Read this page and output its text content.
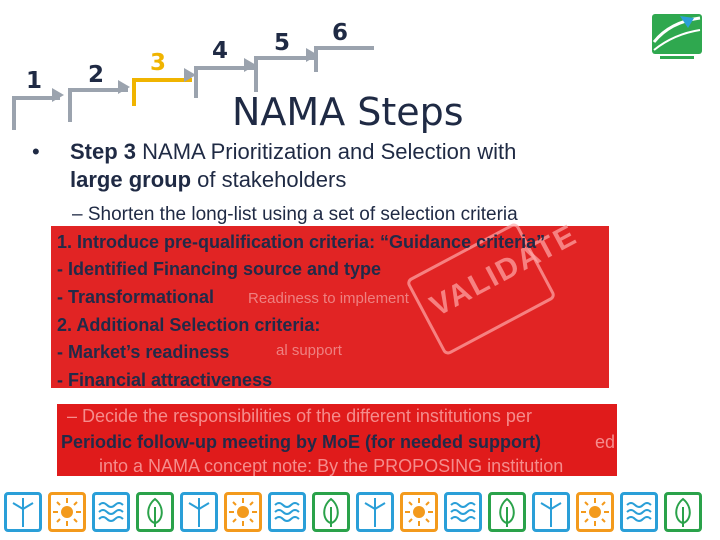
1 2 3 4 5 6
NAMA Steps
• Step 3 NAMA Prioritization and Selection with
large group of stakeholders
– Shorten the long-list using a set of selection criteria
VALIDATE
Readiness to implement
al support
1. Introduce pre-qualification criteria: “Guidance criteria”
- Identified Financing source and type
- Transformational
2. Additional Selection criteria:
- Market’s readiness
- Financial attractiveness
– Decide the responsibilities of the different institutions per
Periodic follow-up meeting by MoE (for needed support)	ed
into a NAMA concept note: By the PROPOSING institution
